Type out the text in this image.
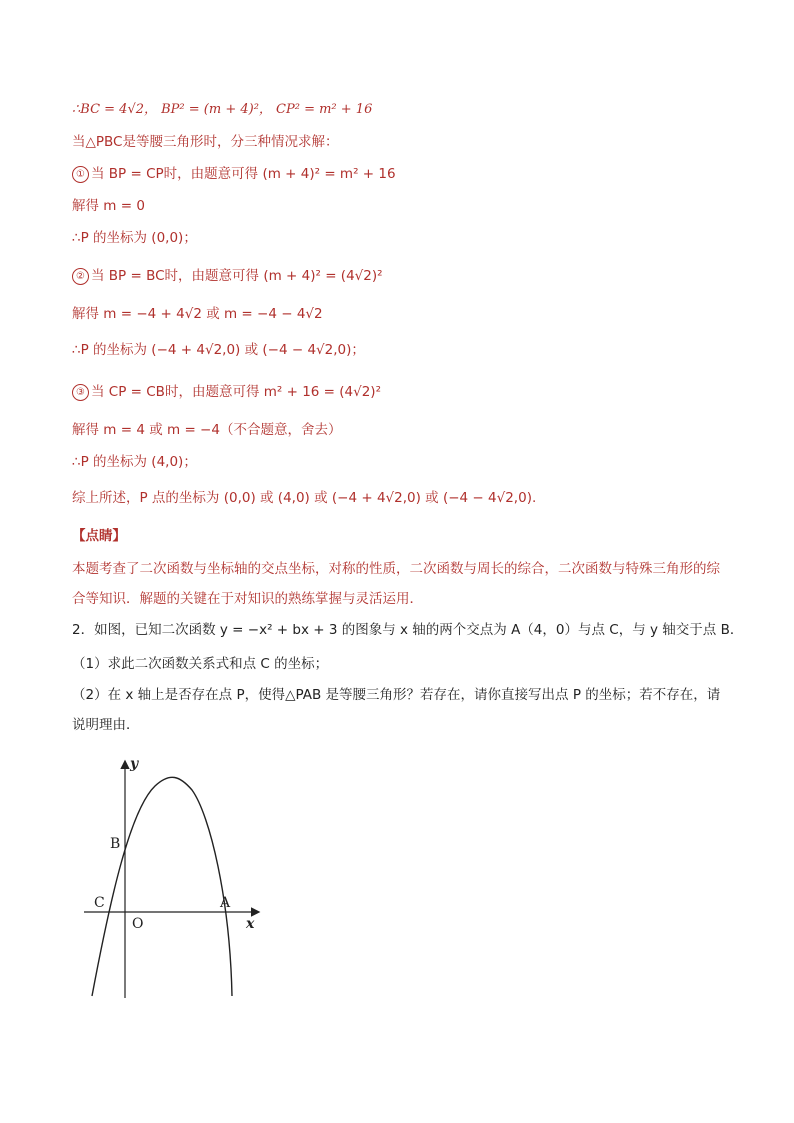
∴BC = 4√2， BP² = (m + 4)²， CP² = m² + 16
当△PBC是等腰三角形时，分三种情况求解：
① 当 BP = CP时，由题意可得 (m + 4)² = m² + 16
解得 m = 0
∴P 的坐标为 (0,0)；
② 当 BP = BC时，由题意可得 (m + 4)² = (4√2)²
解得 m = −4 + 4√2 或 m = −4 − 4√2
∴P 的坐标为 (−4 + 4√2,0) 或 (−4 − 4√2,0)；
③ 当 CP = CB时，由题意可得 m² + 16 = (4√2)²
解得 m = 4 或 m = −4（不合题意，舍去）
∴P 的坐标为 (4,0)；
综上所述，P 点的坐标为 (0,0) 或 (4,0) 或 (−4 + 4√2,0) 或 (−4 − 4√2,0).
【点睛】
本题考查了二次函数与坐标轴的交点坐标，对称的性质，二次函数与周长的综合，二次函数与特殊三角形的综合等知识．解题的关键在于对知识的熟练掌握与灵活运用．
2．如图，已知二次函数 y = −x² + bx + 3 的图象与 x 轴的两个交点为 A（4，0）与点 C，与 y 轴交于点 B．
（1）求此二次函数关系式和点 C 的坐标；
（2）在 x 轴上是否存在点 P，使得△PAB 是等腰三角形？若存在，请你直接写出点 P 的坐标；若不存在，请说明理由．
y
x
O
A
B
C
